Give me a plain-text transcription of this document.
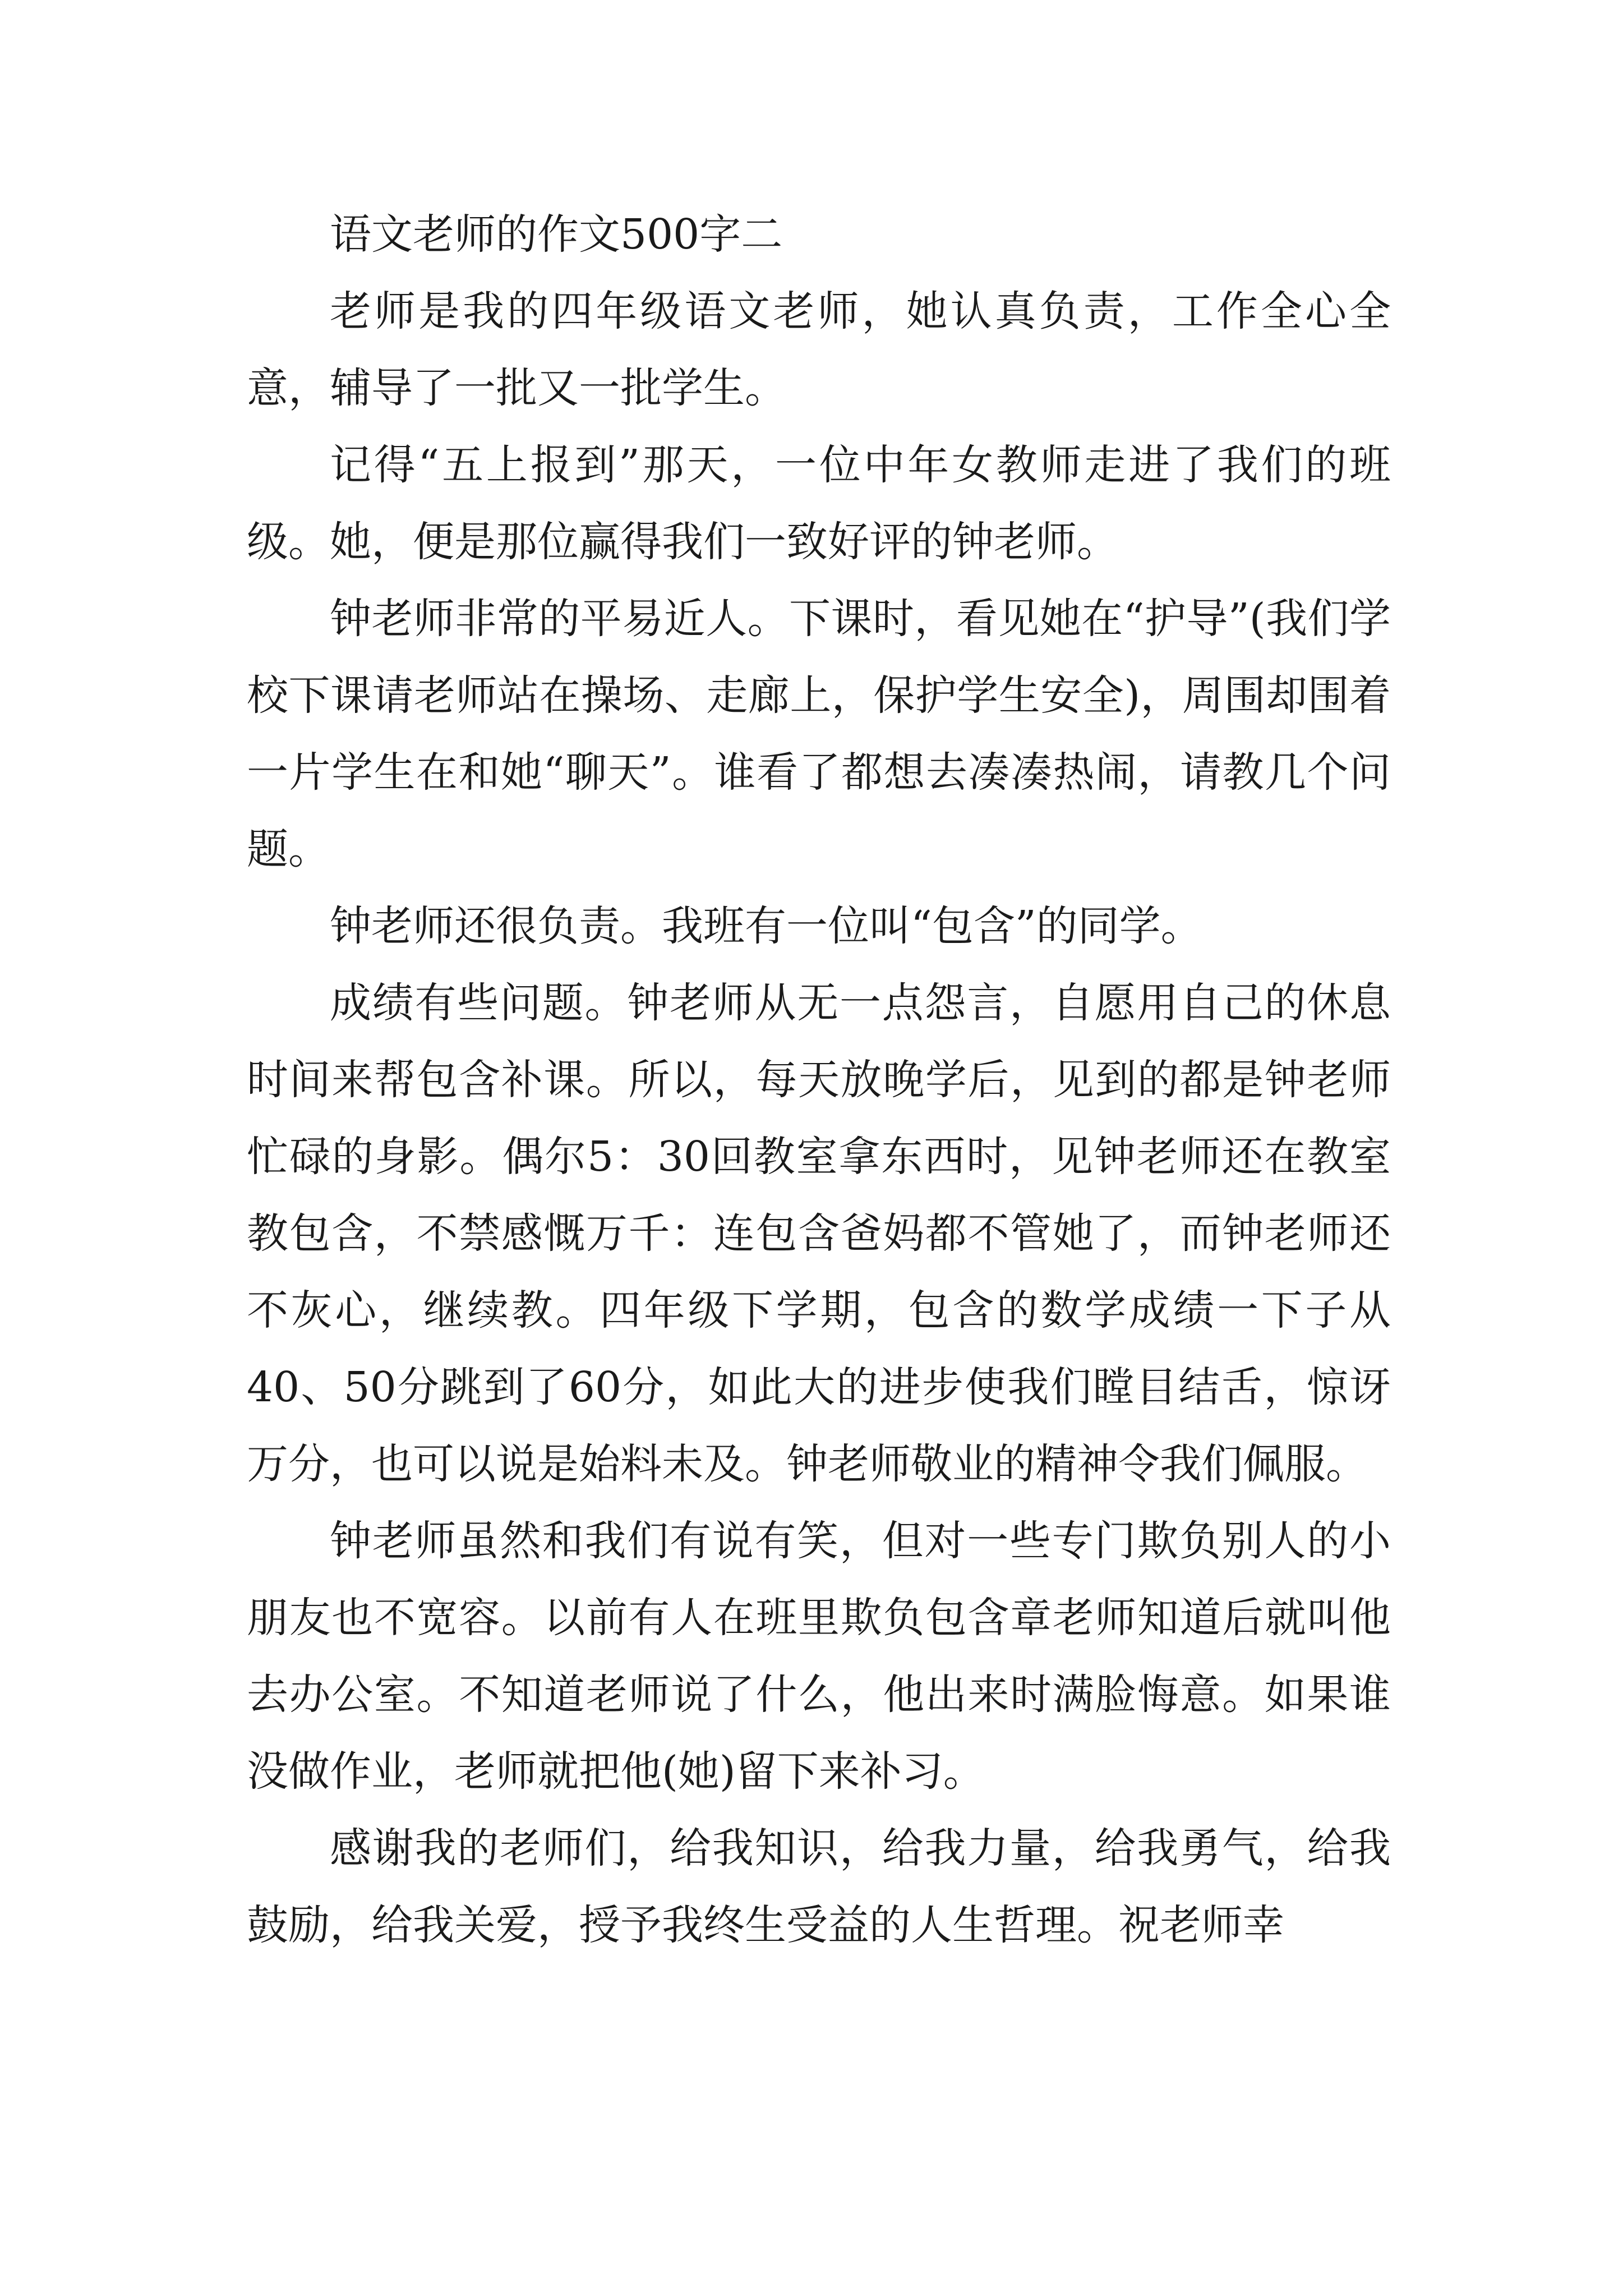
语文老师的作文500字二

老师是我的四年级语文老师，她认真负责，工作全心全意，辅导了一批又一批学生。

记得“五上报到”那天，一位中年女教师走进了我们的班级。她，便是那位赢得我们一致好评的钟老师。

钟老师非常的平易近人。下课时，看见她在“护导”(我们学校下课请老师站在操场、走廊上，保护学生安全)，周围却围着一片学生在和她“聊天”。谁看了都想去凑凑热闹，请教几个问题。

钟老师还很负责。我班有一位叫“包含”的同学。

成绩有些问题。钟老师从无一点怨言，自愿用自己的休息时间来帮包含补课。所以，每天放晚学后，见到的都是钟老师忙碌的身影。偶尔5：30回教室拿东西时，见钟老师还在教室教包含，不禁感慨万千：连包含爸妈都不管她了，而钟老师还不灰心，继续教。四年级下学期，包含的数学成绩一下子从40、50分跳到了60分，如此大的进步使我们瞠目结舌，惊讶万分，也可以说是始料未及。钟老师敬业的精神令我们佩服。

钟老师虽然和我们有说有笑，但对一些专门欺负别人的小朋友也不宽容。以前有人在班里欺负包含章老师知道后就叫他去办公室。不知道老师说了什么，他出来时满脸悔意。如果谁没做作业，老师就把他(她)留下来补习。

感谢我的老师们，给我知识，给我力量，给我勇气，给我鼓励，给我关爱，授予我终生受益的人生哲理。祝老师幸
